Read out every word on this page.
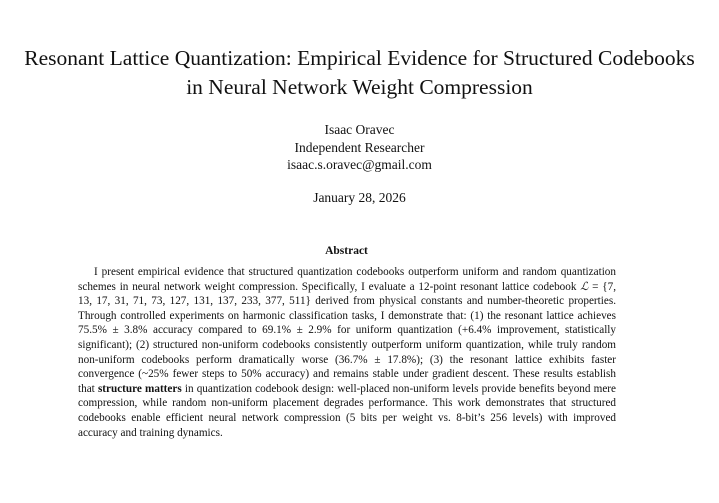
Resonant Lattice Quantization: Empirical Evidence for Structured Codebooks in Neural Network Weight Compression
Isaac Oravec
Independent Researcher
isaac.s.oravec@gmail.com
January 28, 2026
Abstract

I present empirical evidence that structured quantization codebooks outperform uniform and random quantization schemes in neural network weight compression. Specifically, I evaluate a 12-point resonant lattice codebook ℒ = {7, 13, 17, 31, 71, 73, 127, 131, 137, 233, 377, 511} derived from physical constants and number-theoretic properties. Through controlled experiments on harmonic classification tasks, I demonstrate that: (1) the resonant lattice achieves 75.5% ± 3.8% accuracy compared to 69.1% ± 2.9% for uniform quantization (+6.4% improvement, statistically significant); (2) structured non-uniform codebooks consistently outperform uniform quantization, while truly random non-uniform codebooks perform dramatically worse (36.7% ± 17.8%); (3) the resonant lattice exhibits faster convergence (~25% fewer steps to 50% accuracy) and remains stable under gradient descent. These results establish that structure matters in quantization codebook design: well-placed non-uniform levels provide benefits beyond mere compression, while random non-uniform placement degrades performance. This work demonstrates that structured codebooks enable efficient neural network compression (5 bits per weight vs. 8-bit’s 256 levels) with improved accuracy and training dynamics.
